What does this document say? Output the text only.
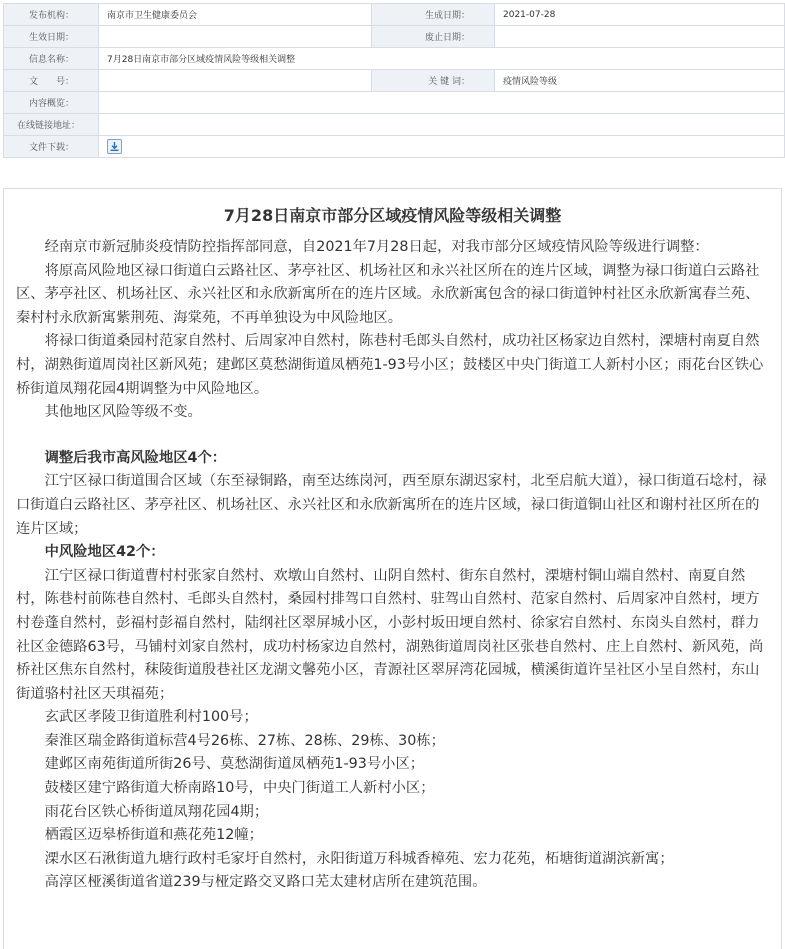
发布机构：	南京市卫生健康委员会	生成日期：	2021-07-28
生效日期：		废止日期：	
信息名称：	7月28日南京市部分区域疫情风险等级相关调整		
文　　号：		关 键 词：	疫情风险等级
内容概览：			
在线链接地址：			
文件下载：	
7月28日南京市部分区域疫情风险等级相关调整

经南京市新冠肺炎疫情防控指挥部同意，自2021年7月28日起，对我市部分区域疫情风险等级进行调整：

将原高风险地区禄口街道白云路社区、茅亭社区、机场社区和永兴社区所在的连片区域，调整为禄口街道白云路社区、茅亭社区、机场社区、永兴社区和永欣新寓所在的连片区域。永欣新寓包含的禄口街道钟村社区永欣新寓春兰苑、秦村村永欣新寓紫荆苑、海棠苑，不再单独设为中风险地区。

将禄口街道桑园村范家自然村、后周家冲自然村，陈巷村毛郎头自然村，成功社区杨家边自然村，溧塘村南夏自然村，湖熟街道周岗社区新风苑；建邺区莫愁湖街道凤栖苑1-93号小区；鼓楼区中央门街道工人新村小区；雨花台区铁心桥街道凤翔花园4期调整为中风险地区。

其他地区风险等级不变。

调整后我市高风险地区4个：

江宁区禄口街道围合区域（东至禄铜路，南至达练岗河，西至原东湖迟家村，北至启航大道），禄口街道石埝村，禄口街道白云路社区、茅亭社区、机场社区、永兴社区和永欣新寓所在的连片区域，禄口街道铜山社区和谢村社区所在的连片区域；

中风险地区42个：

江宁区禄口街道曹村村张家自然村、欢墩山自然村、山阴自然村、街东自然村，溧塘村铜山端自然村、南夏自然村，陈巷村前陈巷自然村、毛郎头自然村，桑园村排驾口自然村、驻驾山自然村、范家自然村、后周家冲自然村，埂方村卷蓬自然村，彭福村彭福自然村，陆纲社区翠屏城小区，小彭村坂田埂自然村、徐家宕自然村、东岗头自然村，群力社区金德路63号，马铺村刘家自然村，成功村杨家边自然村，湖熟街道周岗社区张巷自然村、庄上自然村、新风苑，尚桥社区焦东自然村，秣陵街道殷巷社区龙湖文馨苑小区，青源社区翠屏湾花园城，横溪街道许呈社区小呈自然村，东山街道骆村社区天琪福苑；

玄武区孝陵卫街道胜利村100号；

秦淮区瑞金路街道标营4号26栋、27栋、28栋、29栋、30栋；

建邺区南苑街道所街26号、莫愁湖街道凤栖苑1-93号小区；

鼓楼区建宁路街道大桥南路10号，中央门街道工人新村小区；

雨花台区铁心桥街道凤翔花园4期；

栖霞区迈皋桥街道和燕花苑12幢；

溧水区石湫街道九塘行政村毛家圩自然村，永阳街道万科城香樟苑、宏力花苑，柘塘街道湖滨新寓；

高淳区桠溪街道省道239与桠定路交叉路口芜太建材店所在建筑范围。
